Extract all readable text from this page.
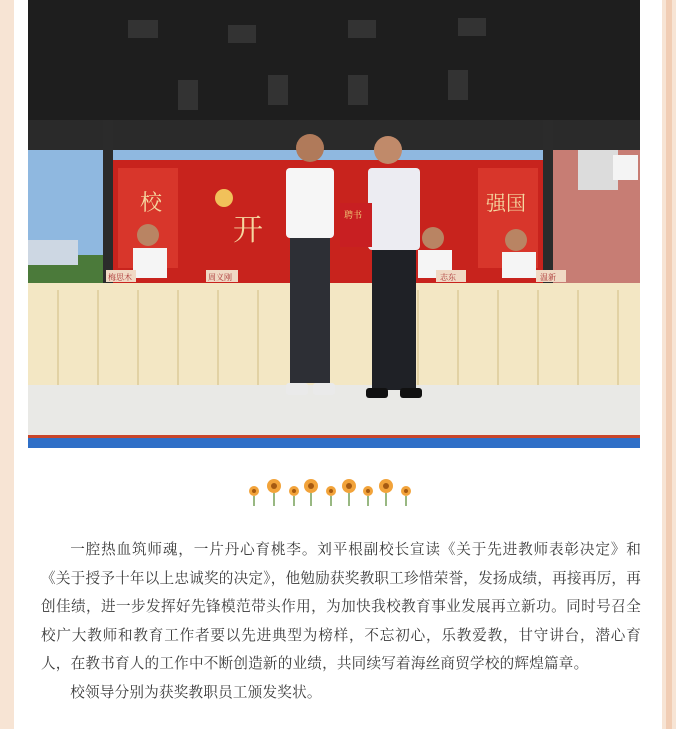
校
开
强国
梅思木	周义刚	志东	温新
聘书

一腔热血筑师魂，一片丹心育桃李。刘平根副校长宣读《关于先进教师表彰决定》和《关于授予十年以上忠诚奖的决定》，他勉励获奖教职工珍惜荣誉，发扬成绩，再接再厉，再创佳绩，进一步发挥好先锋模范带头作用，为加快我校教育事业发展再立新功。同时号召全校广大教师和教育工作者要以先进典型为榜样，不忘初心，乐教爱教，甘守讲台，潜心育人，在教书育人的工作中不断创造新的业绩，共同续写着海丝商贸学校的辉煌篇章。

校领导分别为获奖教职员工颁发奖状。
